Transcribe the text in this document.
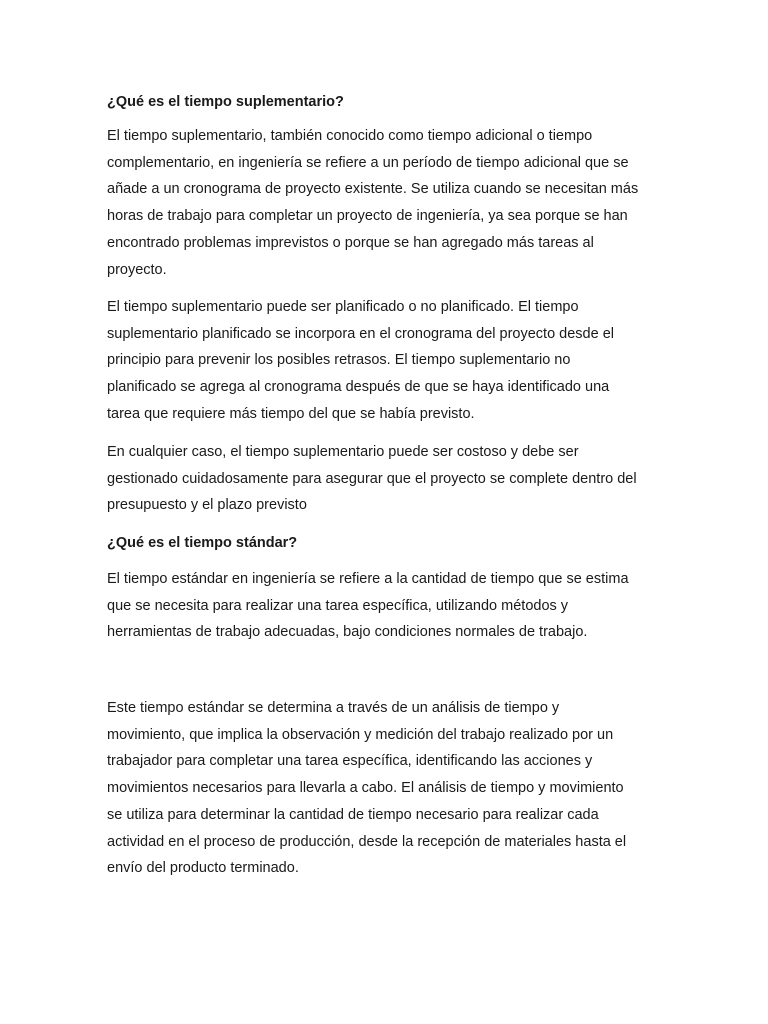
¿Qué es el tiempo suplementario?

El tiempo suplementario, también conocido como tiempo adicional o tiempo
complementario, en ingeniería se refiere a un período de tiempo adicional que se
añade a un cronograma de proyecto existente. Se utiliza cuando se necesitan más
horas de trabajo para completar un proyecto de ingeniería, ya sea porque se han
encontrado problemas imprevistos o porque se han agregado más tareas al
proyecto.

El tiempo suplementario puede ser planificado o no planificado. El tiempo
suplementario planificado se incorpora en el cronograma del proyecto desde el
principio para prevenir los posibles retrasos. El tiempo suplementario no
planificado se agrega al cronograma después de que se haya identificado una
tarea que requiere más tiempo del que se había previsto.

En cualquier caso, el tiempo suplementario puede ser costoso y debe ser
gestionado cuidadosamente para asegurar que el proyecto se complete dentro del
presupuesto y el plazo previsto

¿Qué es el tiempo stándar?

El tiempo estándar en ingeniería se refiere a la cantidad de tiempo que se estima
que se necesita para realizar una tarea específica, utilizando métodos y
herramientas de trabajo adecuadas, bajo condiciones normales de trabajo.

Este tiempo estándar se determina a través de un análisis de tiempo y
movimiento, que implica la observación y medición del trabajo realizado por un
trabajador para completar una tarea específica, identificando las acciones y
movimientos necesarios para llevarla a cabo. El análisis de tiempo y movimiento
se utiliza para determinar la cantidad de tiempo necesario para realizar cada
actividad en el proceso de producción, desde la recepción de materiales hasta el
envío del producto terminado.
